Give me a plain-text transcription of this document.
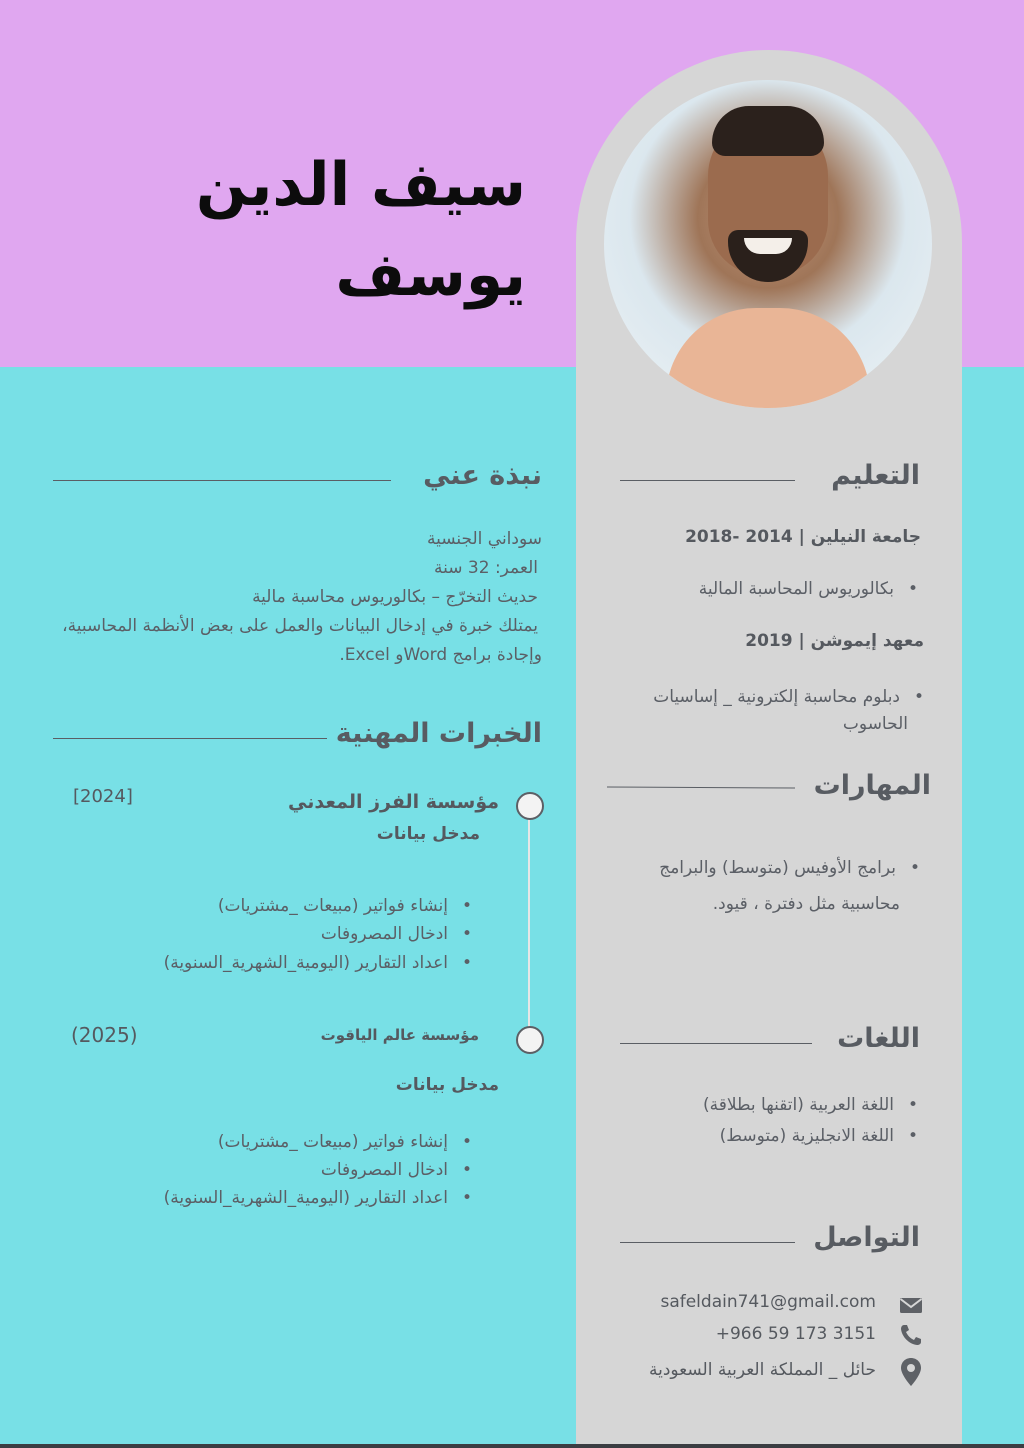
سيف الدين يوسف
نبذة عني
سوداني الجنسية
العمر: 32 سنة
حديث التخرّج – بكالوريوس محاسبة مالية
يمتلك خبرة في إدخال البيانات والعمل على بعض الأنظمة المحاسبية،
وإجادة برامج Wordو Excel.
الخبرات المهنية
مؤسسة الفرز المعدني
[2024]
مدخل بيانات
• إنشاء فواتير (مبيعات _مشتريات)
• ادخال المصروفات
• اعداد التقارير (اليومية_الشهرية_السنوية)
مؤسسة عالم الياقوت
(2025)
مدخل بيانات
• إنشاء فواتير (مبيعات _مشتريات)
• ادخال المصروفات
• اعداد التقارير (اليومية_الشهرية_السنوية)
التعليم
جامعة النيلين | 2014 -2018
• بكالوريوس المحاسبة المالية
معهد إيموشن | 2019
• دبلوم محاسبة إلكترونية _ إساسيات
الحاسوب
المهارات
• برامج الأوفيس (متوسط) والبرامج
محاسبية مثل دفترة ، قيود.
اللغات
• اللغة العربية (اتقنها بطلاقة)
• اللغة الانجليزية (متوسط)
التواصل
safeldain741@gmail.com
+966 59 173 3151
حائل _ المملكة العربية السعودية
